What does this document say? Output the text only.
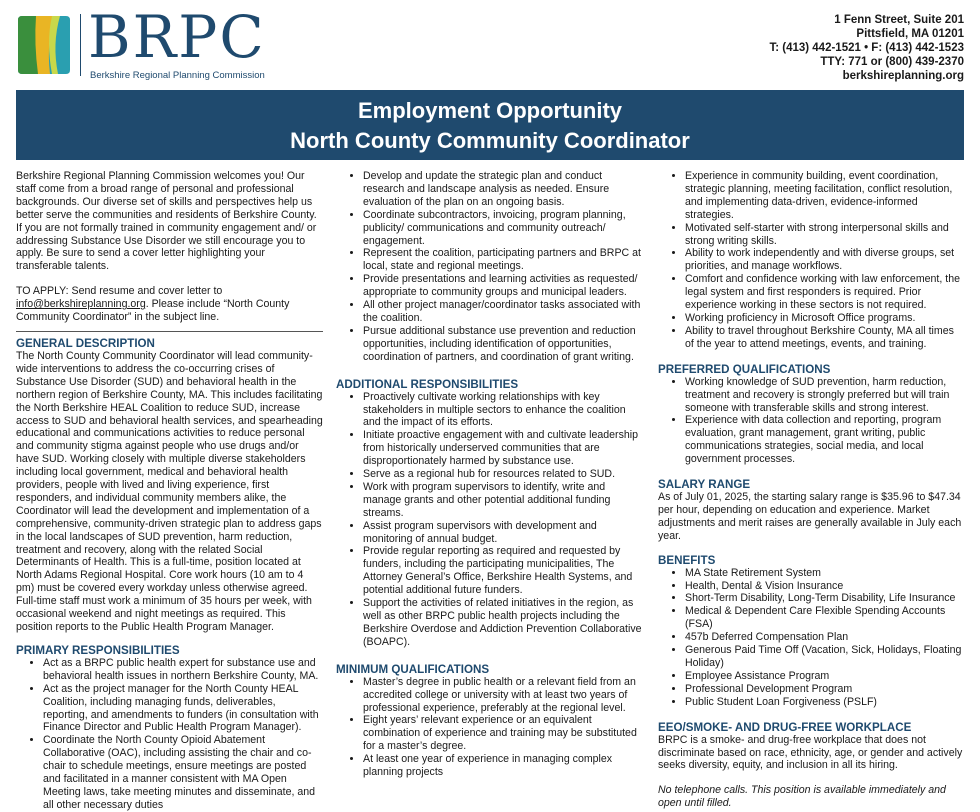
BRPC
Berkshire Regional Planning Commission
1 Fenn Street, Suite 201
Pittsfield, MA 01201
T: (413) 442-1521 • F: (413) 442-1523
TTY: 771 or (800) 439-2370
berkshireplanning.org
Employment Opportunity
North County Community Coordinator

Berkshire Regional Planning Commission welcomes you! Our staff come from a broad range of personal and professional backgrounds. Our diverse set of skills and perspectives help us better serve the communities and residents of Berkshire County. If you are not formally trained in community engagement and/ or addressing Substance Use Disorder we still encourage you to apply. Be sure to send a cover letter highlighting your transferable talents.

TO APPLY: Send resume and cover letter to info@berkshireplanning.org. Please include “North County Community Coordinator” in the subject line.

GENERAL DESCRIPTION

The North County Community Coordinator will lead community-wide interventions to address the co-occurring crises of Substance Use Disorder (SUD) and behavioral health in the northern region of Berkshire County, MA. This includes facilitating the North Berkshire HEAL Coalition to reduce SUD, increase access to SUD and behavioral health services, and spearheading educational and communications activities to reduce personal and community stigma against people who use drugs and/or have SUD. Working closely with multiple diverse stakeholders including local government, medical and behavioral health providers, people with lived and living experience, first responders, and individual community members alike, the Coordinator will lead the development and implementation of a comprehensive, community-driven strategic plan to address gaps in the local landscapes of SUD prevention, harm reduction, treatment and recovery, along with the related Social Determinants of Health. This is a full-time, position located at North Adams Regional Hospital. Core work hours (10 am to 4 pm) must be covered every workday unless otherwise agreed. Full-time staff must work a minimum of 35 hours per week, with occasional weekend and night meetings as required. This position reports to the Public Health Program Manager.

PRIMARY RESPONSIBILITIES
• Act as a BRPC public health expert for substance use and behavioral health issues in northern Berkshire County, MA.
• Act as the project manager for the North County HEAL Coalition, including managing funds, deliverables, reporting, and amendments to funders (in consultation with Finance Director and Public Health Program Manager).
• Coordinate the North County Opioid Abatement Collaborative (OAC), including assisting the chair and co-chair to schedule meetings, ensure meetings are posted and facilitated in a manner consistent with MA Open Meeting laws, take meeting minutes and disseminate, and all other necessary duties
• Develop and update the strategic plan and conduct research and landscape analysis as needed. Ensure evaluation of the plan on an ongoing basis.
• Coordinate subcontractors, invoicing, program planning, publicity/ communications and community outreach/ engagement.
• Represent the coalition, participating partners and BRPC at local, state and regional meetings.
• Provide presentations and learning activities as requested/ appropriate to community groups and municipal leaders.
• All other project manager/coordinator tasks associated with the coalition.
• Pursue additional substance use prevention and reduction opportunities, including identification of opportunities, coordination of partners, and coordination of grant writing.
ADDITIONAL RESPONSIBILITIES
• Proactively cultivate working relationships with key stakeholders in multiple sectors to enhance the coalition and the impact of its efforts.
• Initiate proactive engagement with and cultivate leadership from historically underserved communities that are disproportionately harmed by substance use.
• Serve as a regional hub for resources related to SUD.
• Work with program supervisors to identify, write and manage grants and other potential additional funding streams.
• Assist program supervisors with development and monitoring of annual budget.
• Provide regular reporting as required and requested by funders, including the participating municipalities, The Attorney General’s Office, Berkshire Health Systems, and potential additional future funders.
• Support the activities of related initiatives in the region, as well as other BRPC public health projects including the Berkshire Overdose and Addiction Prevention Collaborative (BOAPC).
MINIMUM QUALIFICATIONS
• Master’s degree in public health or a relevant field from an accredited college or university with at least two years of professional experience, preferably at the regional level.
• Eight years’ relevant experience or an equivalent combination of experience and training may be substituted for a master’s degree.
• At least one year of experience in managing complex planning projects
• Experience in community building, event coordination, strategic planning, meeting facilitation, conflict resolution, and implementing data-driven, evidence-informed strategies.
• Motivated self-starter with strong interpersonal skills and strong writing skills.
• Ability to work independently and with diverse groups, set priorities, and manage workflows.
• Comfort and confidence working with law enforcement, the legal system and first responders is required. Prior experience working in these sectors is not required.
• Working proficiency in Microsoft Office programs.
• Ability to travel throughout Berkshire County, MA all times of the year to attend meetings, events, and training.
PREFERRED QUALIFICATIONS
• Working knowledge of SUD prevention, harm reduction, treatment and recovery is strongly preferred but will train someone with transferable skills and strong interest.
• Experience with data collection and reporting, program evaluation, grant management, grant writing, public communications strategies, social media, and local government processes.
SALARY RANGE

As of July 01, 2025, the starting salary range is $35.96 to $47.34 per hour, depending on education and experience. Market adjustments and merit raises are generally available in July each year.

BENEFITS
• MA State Retirement System
• Health, Dental & Vision Insurance
• Short-Term Disability, Long-Term Disability, Life Insurance
• Medical & Dependent Care Flexible Spending Accounts (FSA)
• 457b Deferred Compensation Plan
• Generous Paid Time Off (Vacation, Sick, Holidays, Floating Holiday)
• Employee Assistance Program
• Professional Development Program
• Public Student Loan Forgiveness (PSLF)
EEO/SMOKE- AND DRUG-FREE WORKPLACE

BRPC is a smoke- and drug-free workplace that does not discriminate based on race, ethnicity, age, or gender and actively seeks diversity, equity, and inclusion in all its hiring.

No telephone calls. This position is available immediately and open until filled.
